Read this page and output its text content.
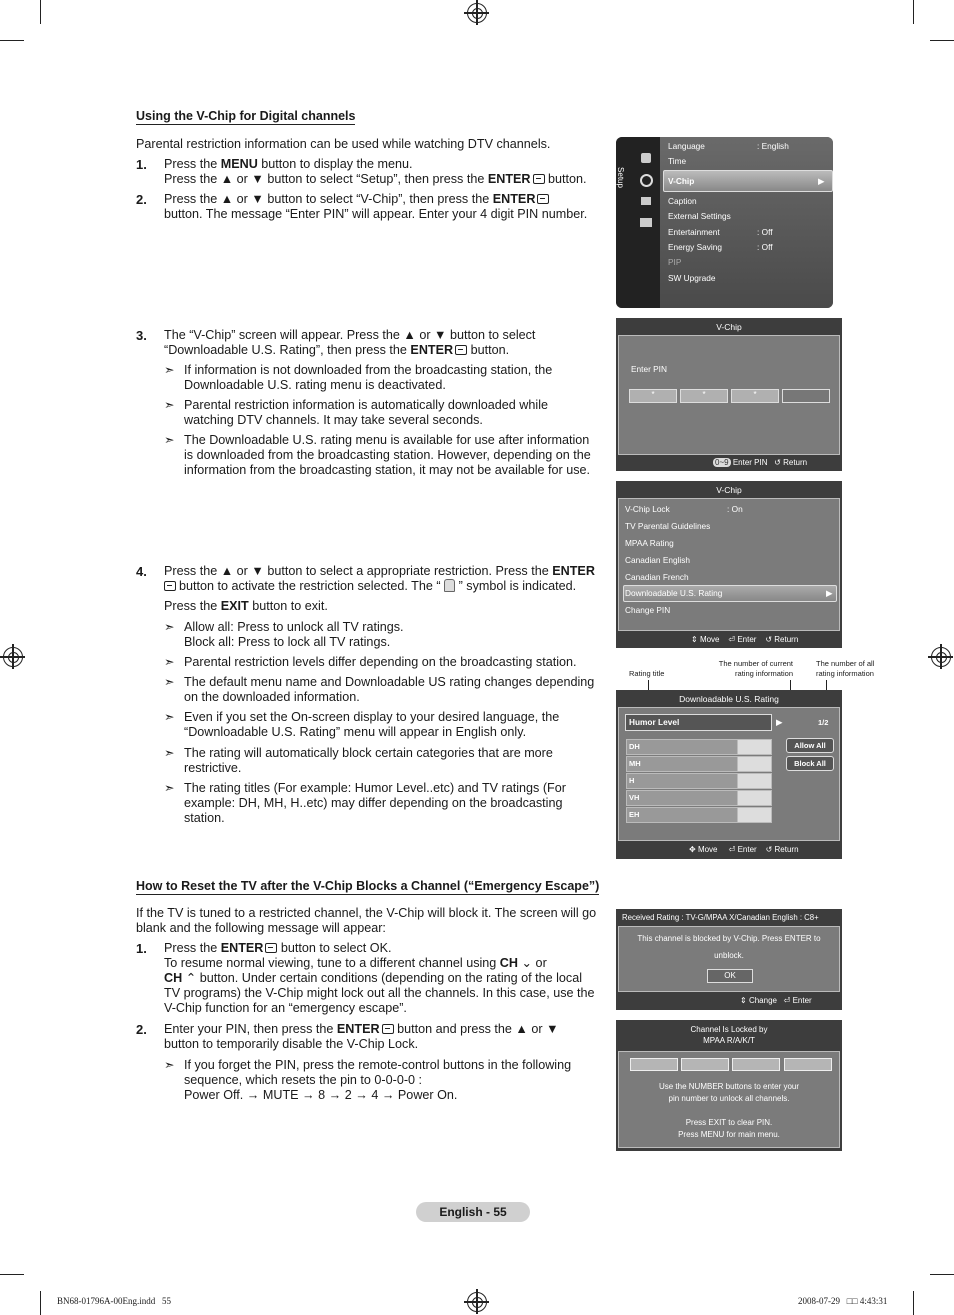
Using the V-Chip for Digital channels
Parental restriction information can be used while watching DTV channels.
1. Press the MENU button to display the menu.
Press the ▲ or ▼ button to select “Setup”, then press the ENTER button.
2. Press the ▲ or ▼ button to select “V-Chip”, then press the ENTER
button. The message “Enter PIN” will appear. Enter your 4 digit PIN number.
3. The “V-Chip” screen will appear. Press the ▲ or ▼ button to select
“Downloadable U.S. Rating”, then press the ENTER button.
➣ If information is not downloaded from the broadcasting station, the
Downloadable U.S. rating menu is deactivated.
➣ Parental restriction information is automatically downloaded while
watching DTV channels. It may take several seconds.
➣ The Downloadable U.S. rating menu is available for use after information
is downloaded from the broadcasting station. However, depending on the
information from the broadcasting station, it may not be available for use.
4. Press the ▲ or ▼ button to select a appropriate restriction. Press the ENTER
button to activate the restriction selected. The “  ” symbol is indicated.

Press the EXIT button to exit.
➣ Allow all: Press to unlock all TV ratings.
Block all: Press to lock all TV ratings.
➣ Parental restriction levels differ depending on the broadcasting station.
➣ The default menu name and Downloadable US rating changes depending
on the downloaded information.
➣ Even if you set the On-screen display to your desired language, the
“Downloadable U.S. Rating” menu will appear in English only.
➣ The rating will automatically block certain categories that are more
restrictive.
➣ The rating titles (For example: Humor Level..etc) and TV ratings (For
example: DH, MH, H..etc) may differ depending on the broadcasting
station.
How to Reset the TV after the V-Chip Blocks a Channel (“Emergency Escape”)
If the TV is tuned to a restricted channel, the V-Chip will block it. The screen will go
blank and the following message will appear:
1. Press the ENTER button to select OK.
To resume normal viewing, tune to a different channel using CH ⌄ or
CH ⌃ button. Under certain conditions (depending on the rating of the local
TV programs) the V-Chip might lock out all the channels. In this case, use the
V-Chip function for an “emergency escape”.
2. Enter your PIN, then press the ENTER button and press the ▲ or ▼
button to temporarily disable the V-Chip Lock.
➣ If you forget the PIN, press the remote-control buttons in the following
sequence, which resets the pin to 0-0-0-0 :
Power Off. → MUTE → 8 → 2 → 4 → Power On.
Setup
Language	: English
Time
V-Chip	▶
Caption
External Settings
Entertainment	: Off
Energy Saving	: Off
PIP
SW Upgrade
V-Chip
Enter PIN
*	*	*
0~9 Enter PIN ↺ Return
V-Chip
V-Chip Lock	: On
TV Parental Guidelines
MPAA Rating
Canadian English
Canadian French
Downloadable U.S. Rating	▶
Change PIN
⇕ Move ⏎ Enter ↺ Return
Rating title
The number of current
rating information
The number of all
rating information
Downloadable U.S. Rating
Humor Level	▶	1/2
DH
MH
H
VH
EH
Allow All
Block All
✥ Move ⏎ Enter ↺ Return
Received Rating : TV-G/MPAA X/Canadian English : C8+
This channel is blocked by V-Chip. Press ENTER to
unblock.
OK
⇕ Change ⏎ Enter
Channel Is Locked by
MPAA R/A/K/T
Use the NUMBER buttons to enter your
pin number to unlock all channels.

Press EXIT to clear PIN.
Press MENU for main menu.
English - 55
BN68-01796A-00Eng.indd   55	2008-07-29   □□ 4:43:31
